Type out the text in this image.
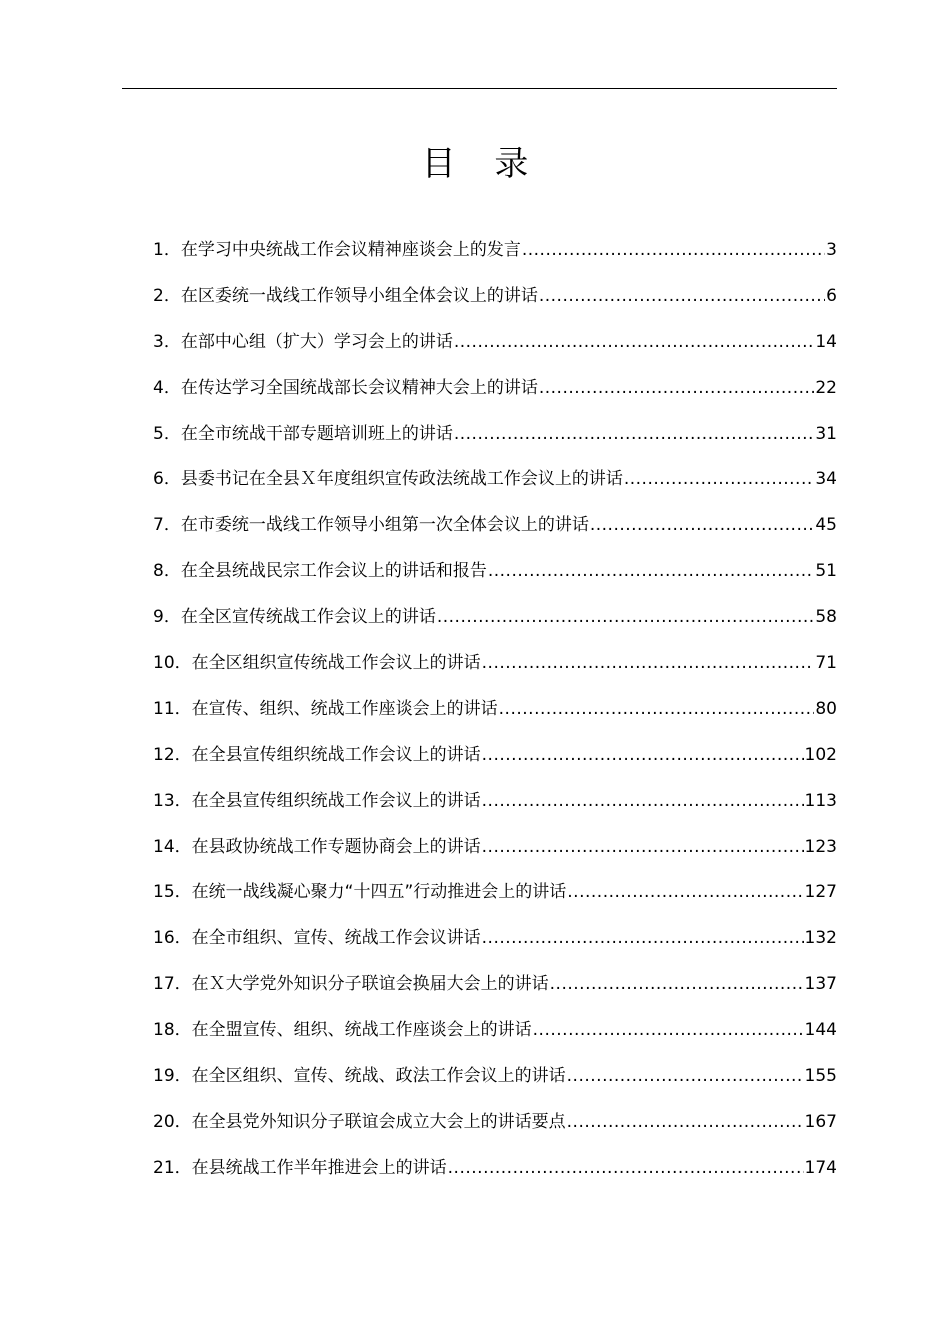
目 录
1． 在学习中央统战工作会议精神座谈会上的发言 .....	3
2． 在区委统一战线工作领导小组全体会议上的讲话 .....	6
3． 在部中心组（扩大）学习会上的讲话 .....	14
4． 在传达学习全国统战部长会议精神大会上的讲话 .....	22
5． 在全市统战干部专题培训班上的讲话 .....	31
6． 县委书记在全县Ｘ年度组织宣传政法统战工作会议上的讲话 .....	34
7． 在市委统一战线工作领导小组第一次全体会议上的讲话 .....	45
8． 在全县统战民宗工作会议上的讲话和报告 .....	51
9． 在全区宣传统战工作会议上的讲话 .....	58
10． 在全区组织宣传统战工作会议上的讲话 .....	71
11． 在宣传、组织、统战工作座谈会上的讲话 .....	80
12． 在全县宣传组织统战工作会议上的讲话 .....	102
13． 在全县宣传组织统战工作会议上的讲话 .....	113
14． 在县政协统战工作专题协商会上的讲话 .....	123
15． 在统一战线凝心聚力“十四五”行动推进会上的讲话 .....	127
16． 在全市组织、宣传、统战工作会议讲话 .....	132
17． 在Ｘ大学党外知识分子联谊会换届大会上的讲话 .....	137
18． 在全盟宣传、组织、统战工作座谈会上的讲话 .....	144
19． 在全区组织、宣传、统战、政法工作会议上的讲话 .....	155
20． 在全县党外知识分子联谊会成立大会上的讲话要点 .....	167
21． 在县统战工作半年推进会上的讲话 .....	174
